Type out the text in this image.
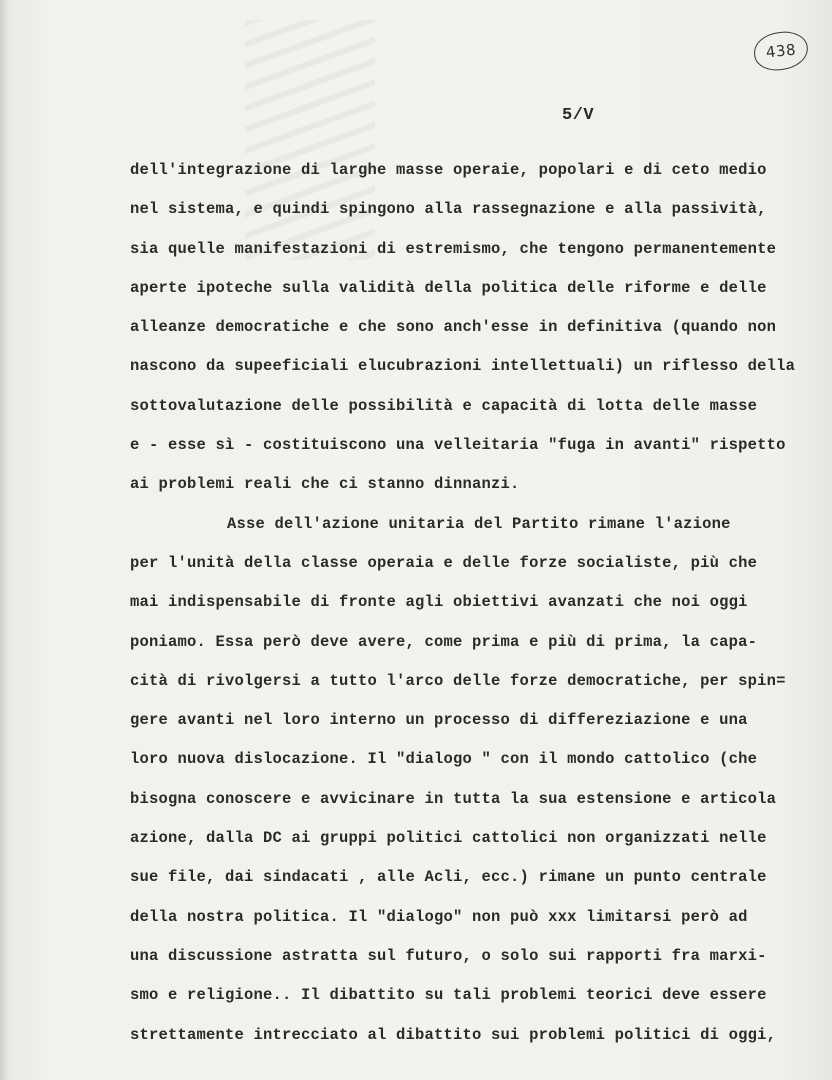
438
5/V
dell'integrazione di larghe masse operaie, popolari e di ceto medio
nel sistema, e quindi spingono alla rassegnazione e alla passività,
sia quelle manifestazioni di estremismo, che tengono permanentemente
aperte ipoteche sulla validità della politica delle riforme e delle
alleanze democratiche e che sono anch'esse in definitiva (quando non
nascono da supeeficiali elucubrazioni intellettuali) un riflesso della
sottovalutazione delle possibilità e capacità di lotta delle masse
e - esse sì - costituiscono una velleitaria "fuga in avanti" rispetto
ai problemi reali che ci stanno dinnanzi.
Asse dell'azione unitaria del Partito rimane l'azione
per l'unità della classe operaia e delle forze socialiste, più che
mai indispensabile di fronte agli obiettivi avanzati che noi oggi
poniamo. Essa però deve avere, come prima e più di prima, la capa-
cità di rivolgersi a tutto l'arco delle forze democratiche, per spin=
gere avanti nel loro interno un processo di differeziazione e una
loro nuova dislocazione. Il "dialogo " con il mondo cattolico (che
bisogna conoscere e avvicinare in tutta la sua estensione e articola
azione, dalla DC ai gruppi politici cattolici non organizzati nelle
sue file, dai sindacati , alle Acli, ecc.) rimane un punto centrale
della nostra politica. Il "dialogo" non può xxx limitarsi però ad
una discussione astratta sul futuro, o solo sui rapporti fra marxi-
smo e religione.. Il dibattito su tali problemi teorici deve essere
strettamente intrecciato al dibattito sui problemi politici di oggi,
